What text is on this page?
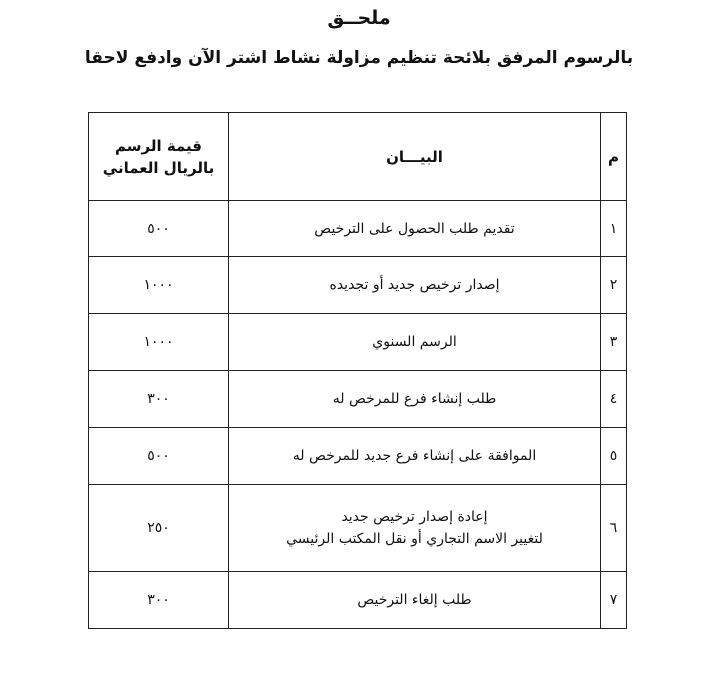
ملحــق
بالرسوم المرفق بلائحة تنظيم مزاولة نشاط اشتر الآن وادفع لاحقا
م	البيـــان	قيمة الرسم
بالريال العماني

١	تقديم طلب الحصول على الترخيص	٥٠٠
٢	إصدار ترخيص جديد أو تجديده	١٠٠٠
٣	الرسم السنوي	١٠٠٠
٤	طلب إنشاء فرع للمرخص له	٣٠٠
٥	الموافقة على إنشاء فرع جديد للمرخص له	٥٠٠
٦	إعادة إصدار ترخيص جديد
لتغيير الاسم التجاري أو نقل المكتب الرئيسي	٢٥٠
٧	طلب إلغاء الترخيص	٣٠٠
